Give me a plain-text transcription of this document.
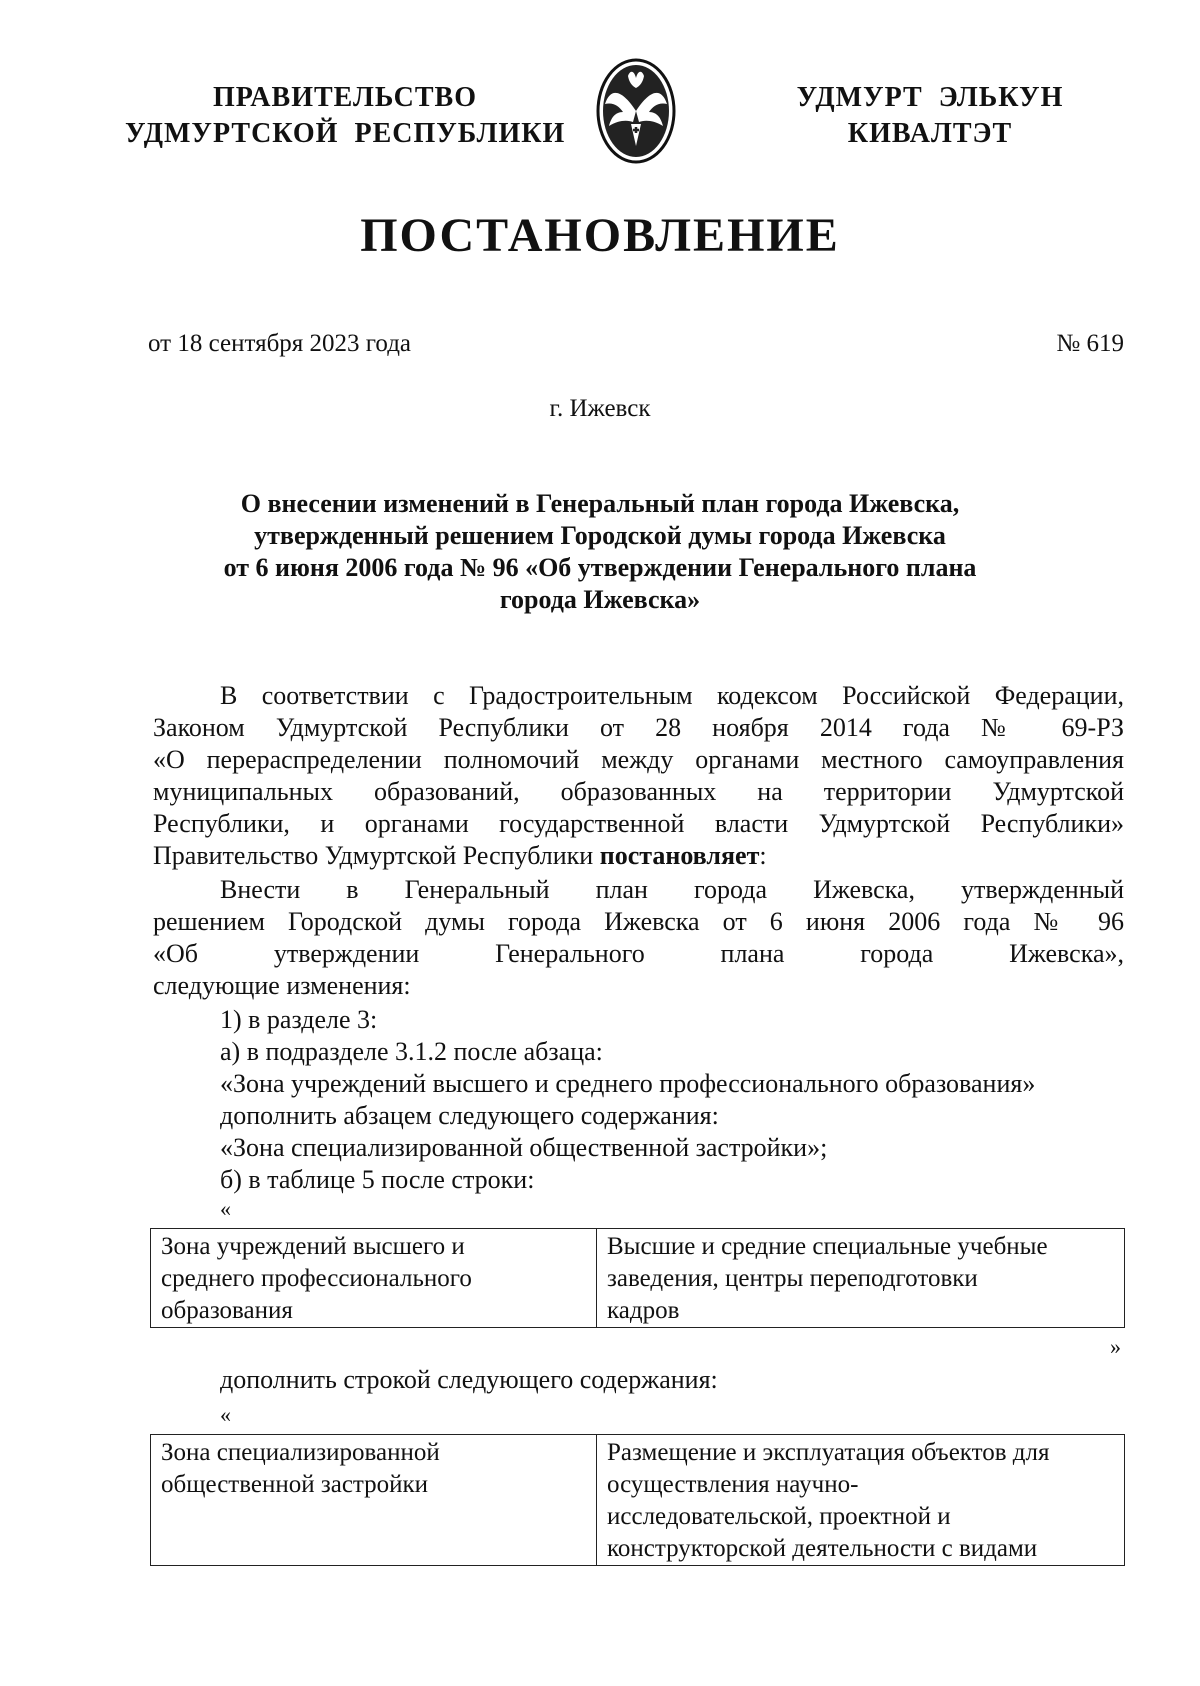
ПРАВИТЕЛЬСТВО
УДМУРТСКОЙ  РЕСПУБЛИКИ
УДМУРТ  ЭЛЬКУН
КИВАЛТЭТ
ПОСТАНОВЛЕНИЕ
от 18 сентября 2023 года	№ 619
г. Ижевск
О внесении изменений в Генеральный план города Ижевска,
утвержденный решением Городской думы города Ижевска
от 6 июня 2006 года № 96 «Об утверждении Генерального плана
города Ижевска»
В соответствии с Градостроительным кодексом Российской Федерации,
Законом Удмуртской Республики от 28 ноября 2014 года № 69-РЗ
«О перераспределении полномочий между органами местного самоуправления
муниципальных образований, образованных на территории Удмуртской
Республики, и органами государственной власти Удмуртской Республики»
Правительство Удмуртской Республики постановляет:
Внести в Генеральный план города Ижевска, утвержденный
решением Городской думы города Ижевска от 6 июня 2006 года № 96
«Об утверждении Генерального плана города Ижевска»,
следующие изменения:
1) в разделе 3:
а) в подразделе 3.1.2 после абзаца:
«Зона учреждений высшего и среднего профессионального образования»
дополнить абзацем следующего содержания:
«Зона специализированной общественной застройки»;
б) в таблице 5 после строки:
«
Зона учреждений высшего и
среднего профессионального
образования

Высшие и средние специальные учебные
заведения, центры переподготовки
кадров
»
дополнить строкой следующего содержания:
«
Зона специализированной
общественной застройки

Размещение и эксплуатация объектов для
осуществления научно-
исследовательской, проектной и
конструкторской деятельности с видами
